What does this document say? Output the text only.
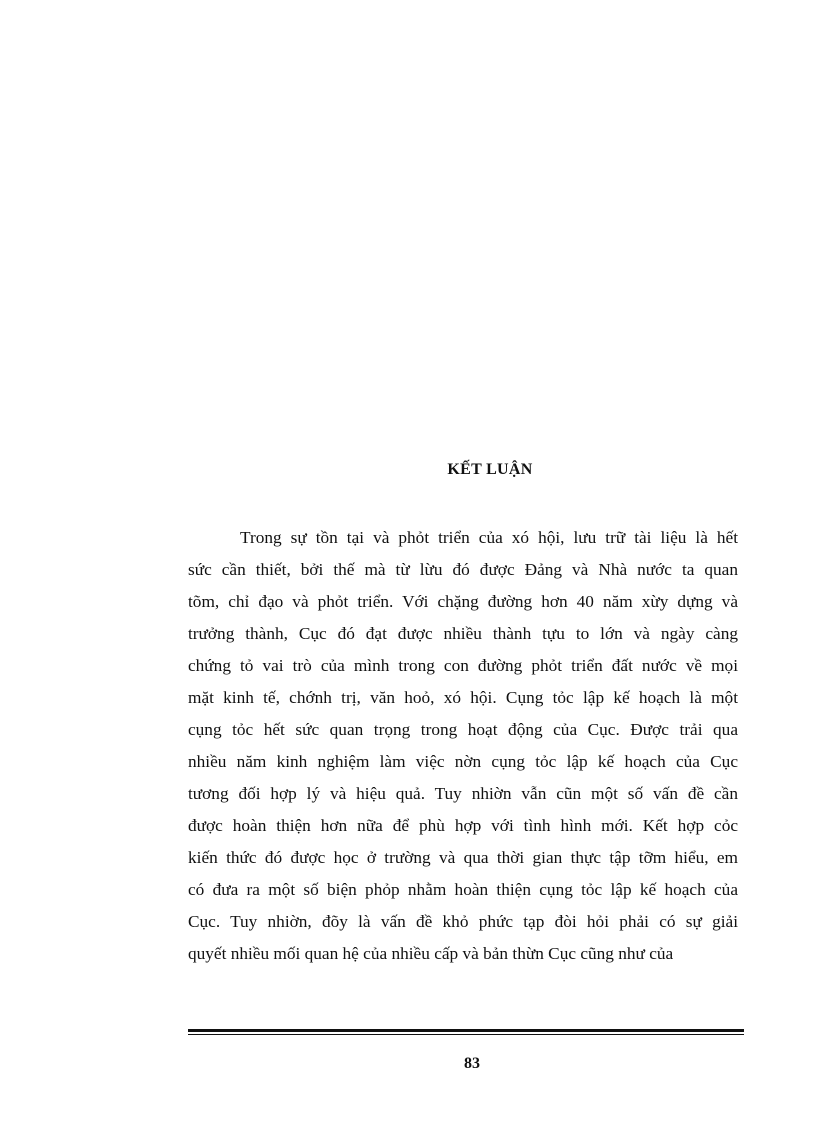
KẾT LUẬN
Trong sự tồn tại và phỏt triển của xó hội, lưu trữ tài liệu là hết
sức cần thiết, bởi thế mà từ lừu đó được Đảng và Nhà nước ta quan
tõm, chỉ đạo và phỏt triển. Với chặng đường hơn 40 năm xừy dựng và
trưởng thành, Cục đó đạt được nhiều thành tựu to lớn và ngày càng
chứng tỏ vai trò của mình trong con đường phỏt triển đất nước về mọi
mặt kinh tế, chớnh trị, văn hoỏ, xó hội. Cụng tỏc lập kế hoạch là một
cụng tỏc hết sức quan trọng trong hoạt động của Cục. Được trải qua
nhiều năm kinh nghiệm làm việc nờn cụng tỏc lập kế hoạch của Cục
tương đối hợp lý và hiệu quả. Tuy nhiờn vẫn cũn một số vấn đề cần
được hoàn thiện hơn nữa để phù hợp với tình hình mới. Kết hợp cỏc
kiến thức đó được học ở trường và qua thời gian thực tập tỡm hiểu, em
có đưa ra một số biện phỏp nhằm hoàn thiện cụng tỏc lập kế hoạch của
Cục. Tuy nhiờn, đõy là vấn đề khỏ phức tạp đòi hỏi phải có sự giải
quyết nhiều mối quan hệ của nhiều cấp và bản thừn Cục cũng như của

83
